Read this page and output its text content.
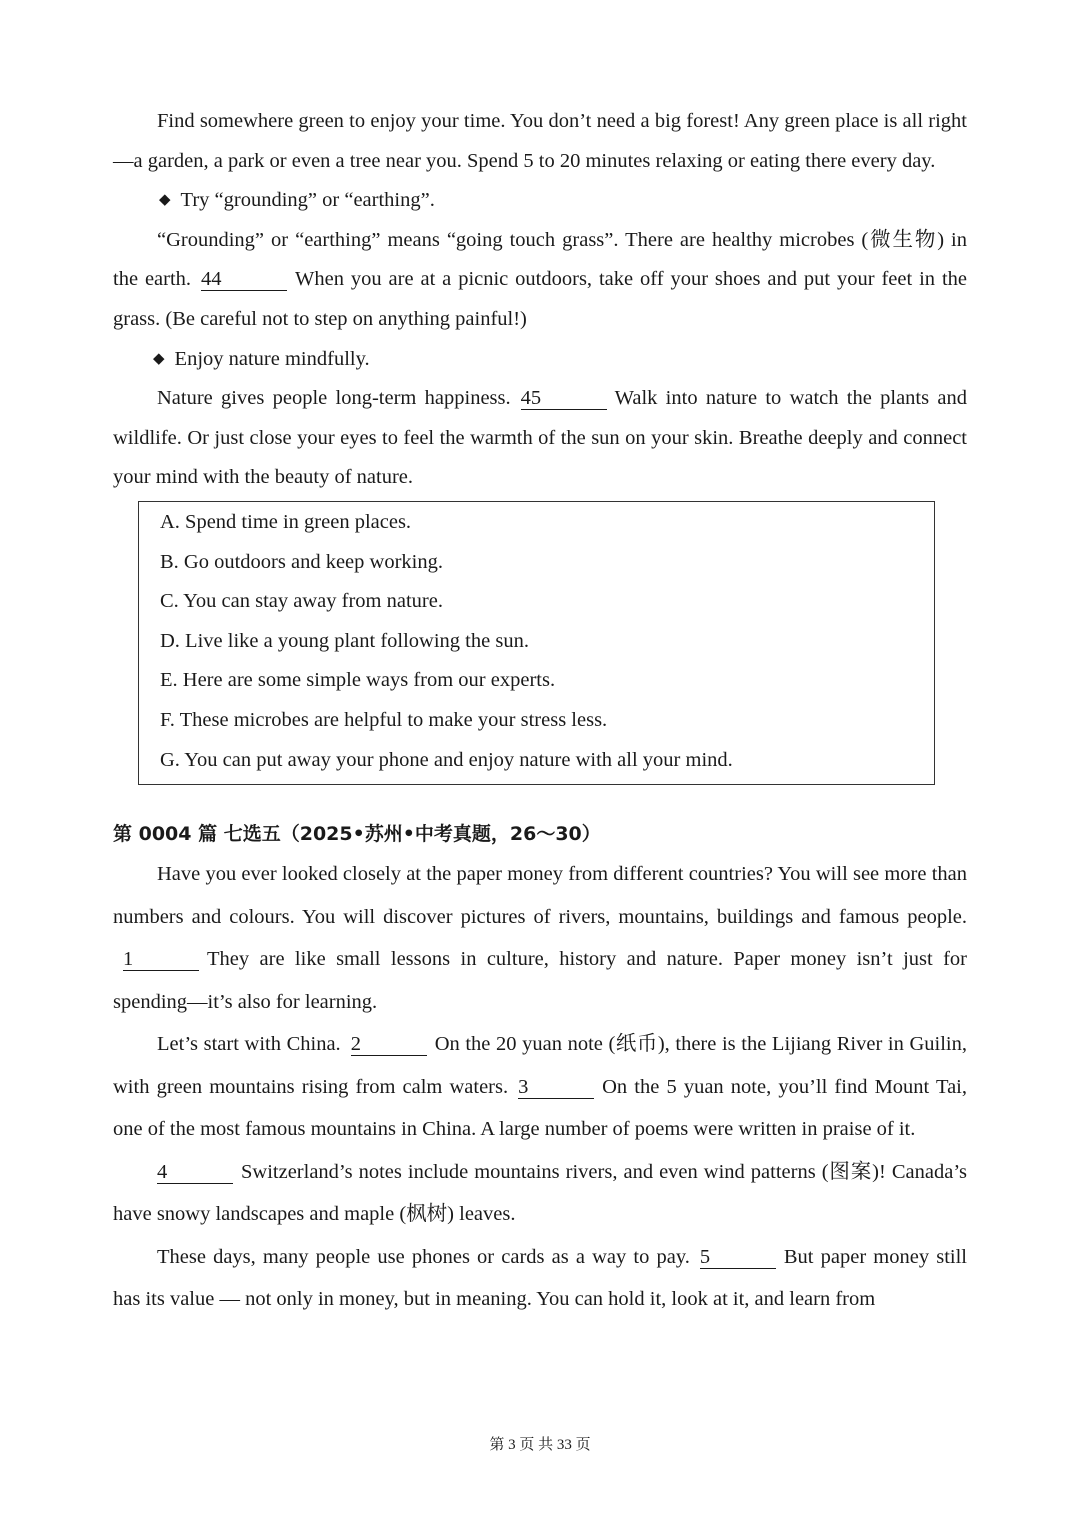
Find somewhere green to enjoy your time. You don’t need a big forest! Any green place is all right—a garden, a park or even a tree near you. Spend 5 to 20 minutes relaxing or eating there every day.

◆ Try “grounding” or “earthing”.

“Grounding” or “earthing” means “going touch grass”. There are healthy microbes (微生物) in the earth. 44	When you are at a picnic outdoors, take off your shoes and put your feet in the grass. (Be careful not to step on anything painful!)

◆ Enjoy nature mindfully.

Nature gives people long-term happiness. 45	Walk into nature to watch the plants and wildlife. Or just close your eyes to feel the warmth of the sun on your skin. Breathe deeply and connect your mind with the beauty of nature.

A. Spend time in green places.

B. Go outdoors and keep working.

C. You can stay away from nature.

D. Live like a young plant following the sun.

E. Here are some simple ways from our experts.

F. These microbes are helpful to make your stress less.

G. You can put away your phone and enjoy nature with all your mind.

第 0004 篇 七选五（2025•苏州•中考真题，26～30）

Have you ever looked closely at the paper money from different countries? You will see more than numbers and colours. You will discover pictures of rivers, mountains, buildings and famous people.1	They are like small lessons in culture, history and nature. Paper money isn’t just for spending—it’s also for learning.

Let’s start with China. 2	On the 20 yuan note (纸币), there is the Lijiang River in Guilin, with green mountains rising from calm waters. 3	On the 5 yuan note, you’ll find Mount Tai, one of the most famous mountains in China. A large number of poems were written in praise of it.

4	Switzerland’s notes include mountains rivers, and even wind patterns (图案)! Canada’s have snowy landscapes and maple (枫树) leaves.

These days, many people use phones or cards as a way to pay. 5	But paper money still has its value — not only in money, but in meaning. You can hold it, look at it, and learn from

第 3 页 共 33 页
